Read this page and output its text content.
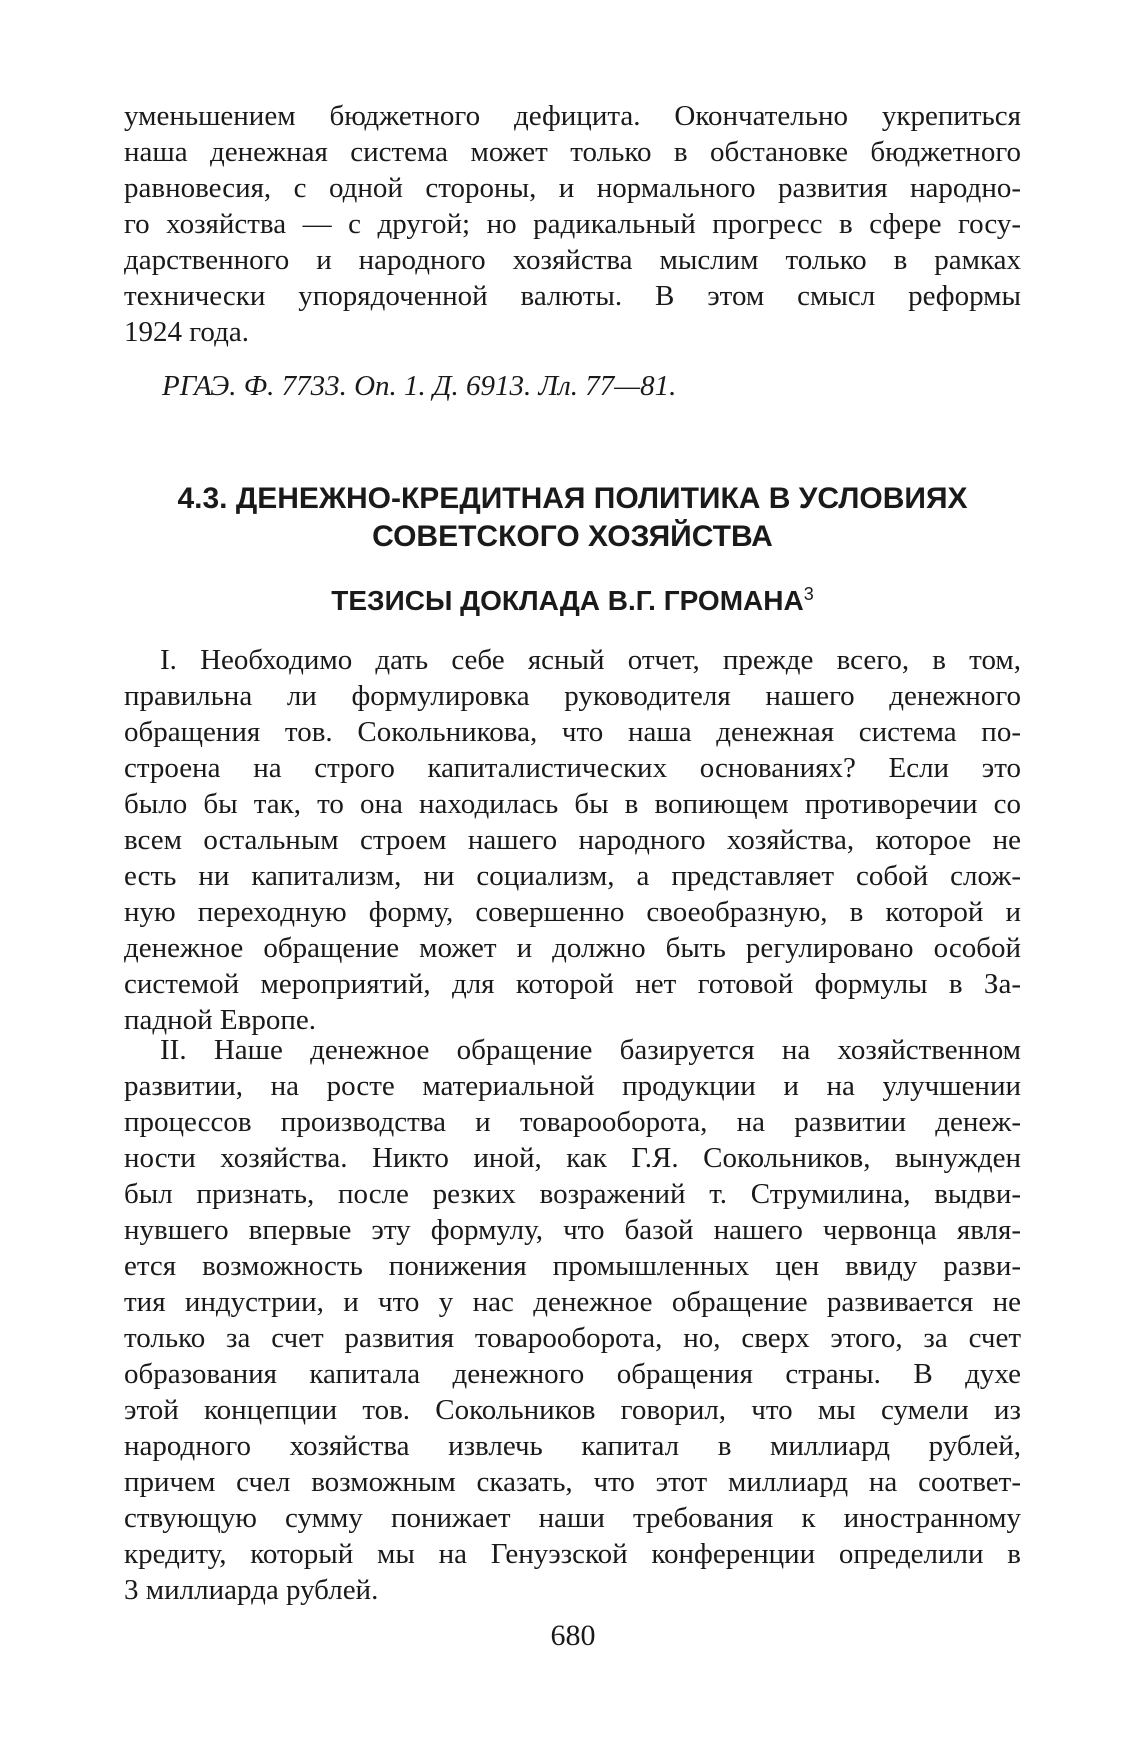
уменьшением бюджетного дефицита. Окончательно укрепиться
наша денежная система может только в обстановке бюджетного
равновесия, с одной стороны, и нормального развития народно-
го хозяйства — с другой; но радикальный прогресс в сфере госу-
дарственного и народного хозяйства мыслим только в рамках
технически упорядоченной валюты. В этом смысл реформы
1924 года.
РГАЭ. Ф. 7733. Оп. 1. Д. 6913. Лл. 77—81.
4.3. ДЕНЕЖНО-КРЕДИТНАЯ ПОЛИТИКА В УСЛОВИЯХ
СОВЕТСКОГО ХОЗЯЙСТВА
ТЕЗИСЫ ДОКЛАДА В.Г. ГРОМАНА$^3$
I. Необходимо дать себе ясный отчет, прежде всего, в том,
правильна ли формулировка руководителя нашего денежного
обращения тов. Сокольникова, что наша денежная система по-
строена на строго капиталистических основаниях? Если это
было бы так, то она находилась бы в вопиющем противоречии со
всем остальным строем нашего народного хозяйства, которое не
есть ни капитализм, ни социализм, а представляет собой слож-
ную переходную форму, совершенно своеобразную, в которой и
денежное обращение может и должно быть регулировано особой
системой мероприятий, для которой нет готовой формулы в За-
падной Европе.
II. Наше денежное обращение базируется на хозяйственном
развитии, на росте материальной продукции и на улучшении
процессов производства и товарооборота, на развитии денеж-
ности хозяйства. Никто иной, как Г.Я. Сокольников, вынужден
был признать, после резких возражений т. Струмилина, выдви-
нувшего впервые эту формулу, что базой нашего червонца явля-
ется возможность понижения промышленных цен ввиду разви-
тия индустрии, и что у нас денежное обращение развивается не
только за счет развития товарооборота, но, сверх этого, за счет
образования капитала денежного обращения страны. В духе
этой концепции тов. Сокольников говорил, что мы сумели из
народного хозяйства извлечь капитал в миллиард рублей,
причем счел возможным сказать, что этот миллиард на соответ-
ствующую сумму понижает наши требования к иностранному
кредиту, который мы на Генуэзской конференции определили в
3 миллиарда рублей.
680
